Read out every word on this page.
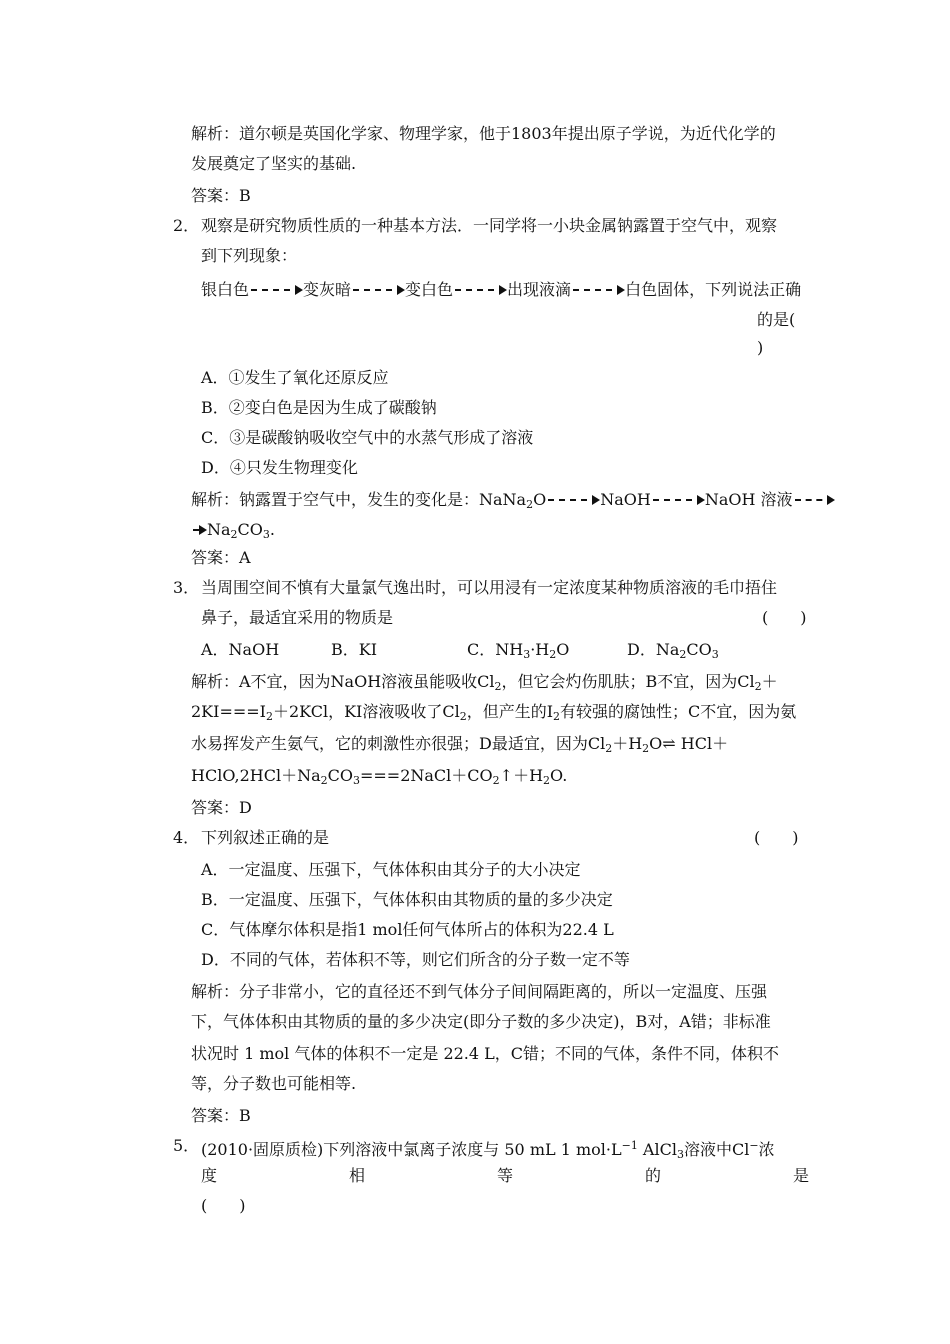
解析：道尔顿是英国化学家、物理学家，他于1803年提出原子学说，为近代化学的
发展奠定了坚实的基础.
答案：B
2． 观察是研究物质性质的一种基本方法．一同学将一小块金属钠露置于空气中，观察
到下列现象：
银白色	变灰暗	变白色	出现液滴	白色固体，下列说法正确
的是(
)
A．①发生了氧化还原反应
B．②变白色是因为生成了碳酸钠
C．③是碳酸钠吸收空气中的水蒸气形成了溶液
D．④只发生物理变化
解析：钠露置于空气中，发生的变化是：NaNa$_2$O	NaOH	NaOH 溶液
$Na_2CO_3$.
答案：A
3． 当周围空间不慎有大量氯气逸出时，可以用浸有一定浓度某种物质溶液的毛巾捂住
鼻子，最适宜采用的物质是	(　　)
A．NaOH	B．KI	C．$NH_3\cdot H_2O$	D．$Na_2CO_3$
解析：A不宜，因为NaOH溶液虽能吸收$Cl_2$，但它会灼伤肌肤；B不宜，因为$Cl_2+$
$2KI===I_2+2KCl$，KI溶液吸收了$Cl_2$，但产生的$I_2$有较强的腐蚀性；C不宜，因为氨
水易挥发产生氨气，它的刺激性亦很强；D最适宜，因为$Cl_2+H_2O\rightleftharpoons$ HCl＋
$HClO,2HCl+Na_2CO_3===2NaCl+CO_2↑+H_2O$.
答案：D
4． 下列叙述正确的是	(　　)
A．一定温度、压强下，气体体积由其分子的大小决定
B．一定温度、压强下，气体体积由其物质的量的多少决定
C．气体摩尔体积是指1 mol任何气体所占的体积为22.4 L
D．不同的气体，若体积不等，则它们所含的分子数一定不等
解析：分子非常小，它的直径还不到气体分子间间隔距离的，所以一定温度、压强
下，气体体积由其物质的量的多少决定(即分子数的多少决定)，B对，A错；非标准
状况时 1 mol 气体的体积不一定是 22.4 L，C错；不同的气体，条件不同，体积不
等，分子数也可能相等.
答案：B
5． (2010·固原质检)下列溶液中氯离子浓度与 50 mL 1 $mol\cdot L^{-1}$ AlCl$_3$溶液中Cl−浓
度	相	等	的	是
(　　)
